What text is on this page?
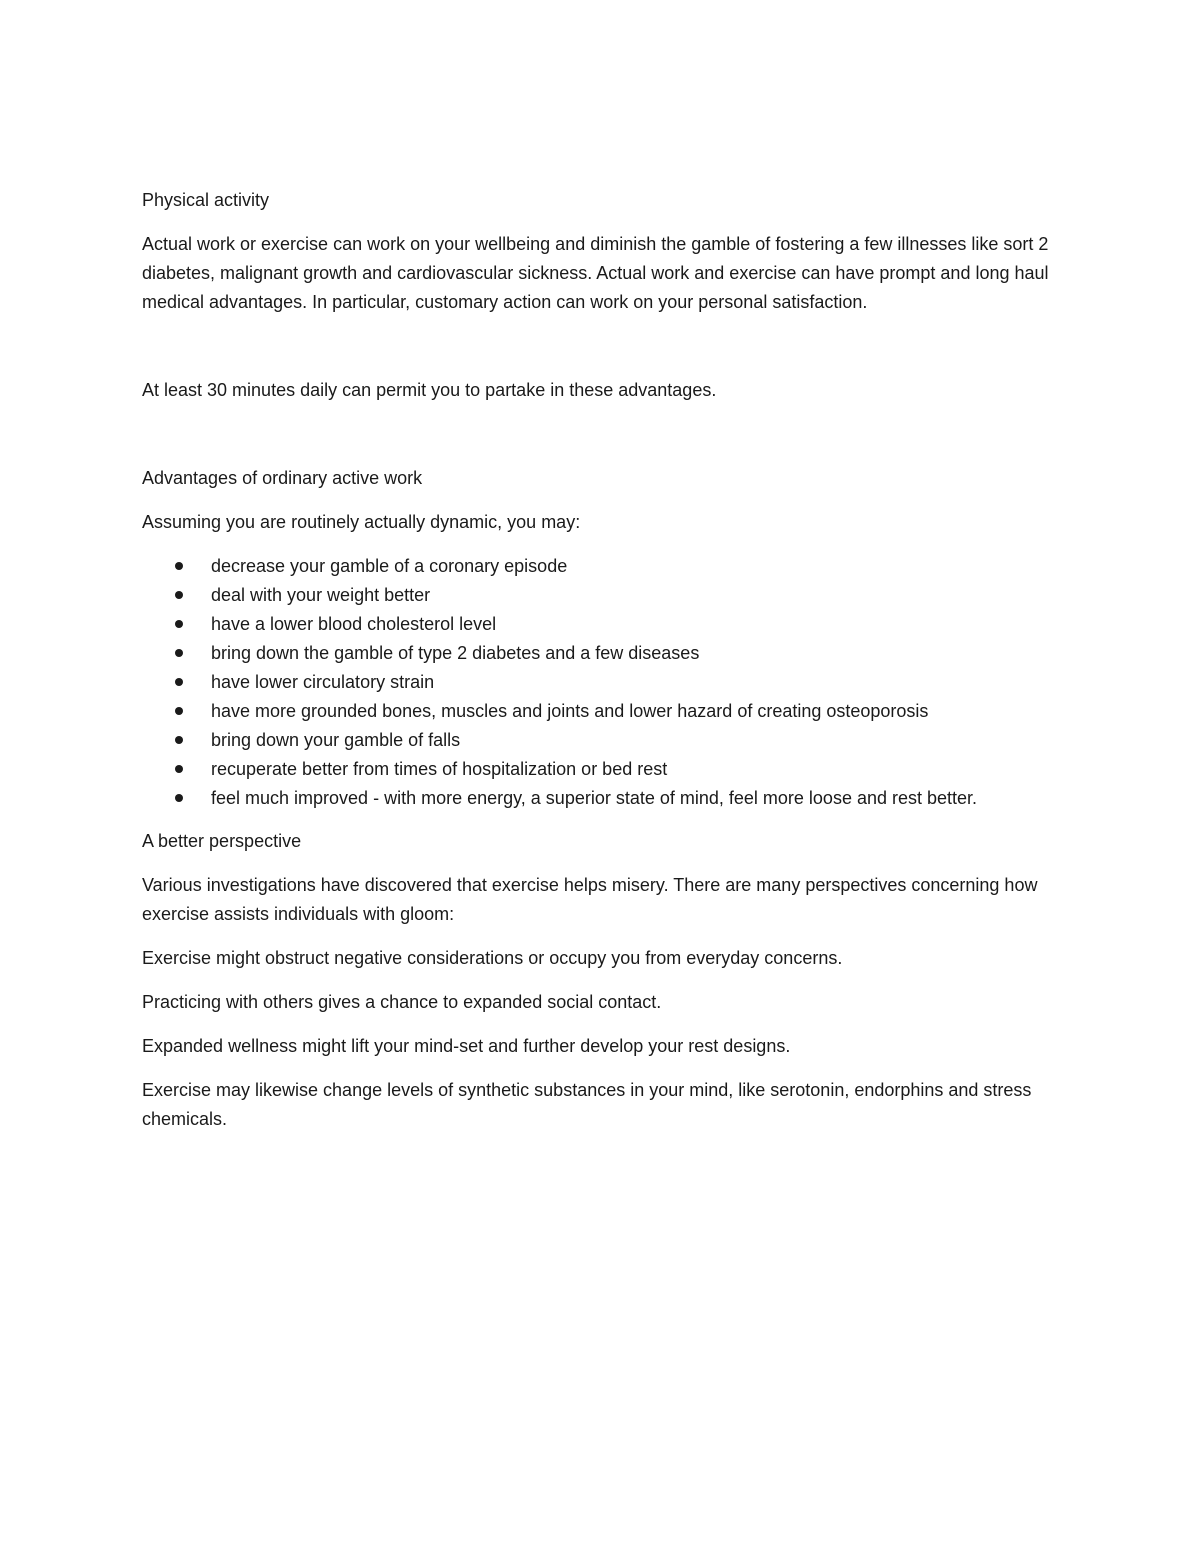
Physical activity

Actual work or exercise can work on your wellbeing and diminish the gamble of fostering a few illnesses like sort 2 diabetes, malignant growth and cardiovascular sickness. Actual work and exercise can have prompt and long haul medical advantages. In particular, customary action can work on your personal satisfaction.

At least 30 minutes daily can permit you to partake in these advantages.

Advantages of ordinary active work

Assuming you are routinely actually dynamic, you may:

decrease your gamble of a coronary episode
deal with your weight better
have a lower blood cholesterol level
bring down the gamble of type 2 diabetes and a few diseases
have lower circulatory strain
have more grounded bones, muscles and joints and lower hazard of creating osteoporosis
bring down your gamble of falls
recuperate better from times of hospitalization or bed rest
feel much improved - with more energy, a superior state of mind, feel more loose and rest better.

A better perspective

Various investigations have discovered that exercise helps misery. There are many perspectives concerning how exercise assists individuals with gloom:

Exercise might obstruct negative considerations or occupy you from everyday concerns.

Practicing with others gives a chance to expanded social contact.

Expanded wellness might lift your mind-set and further develop your rest designs.

Exercise may likewise change levels of synthetic substances in your mind, like serotonin, endorphins and stress chemicals.
